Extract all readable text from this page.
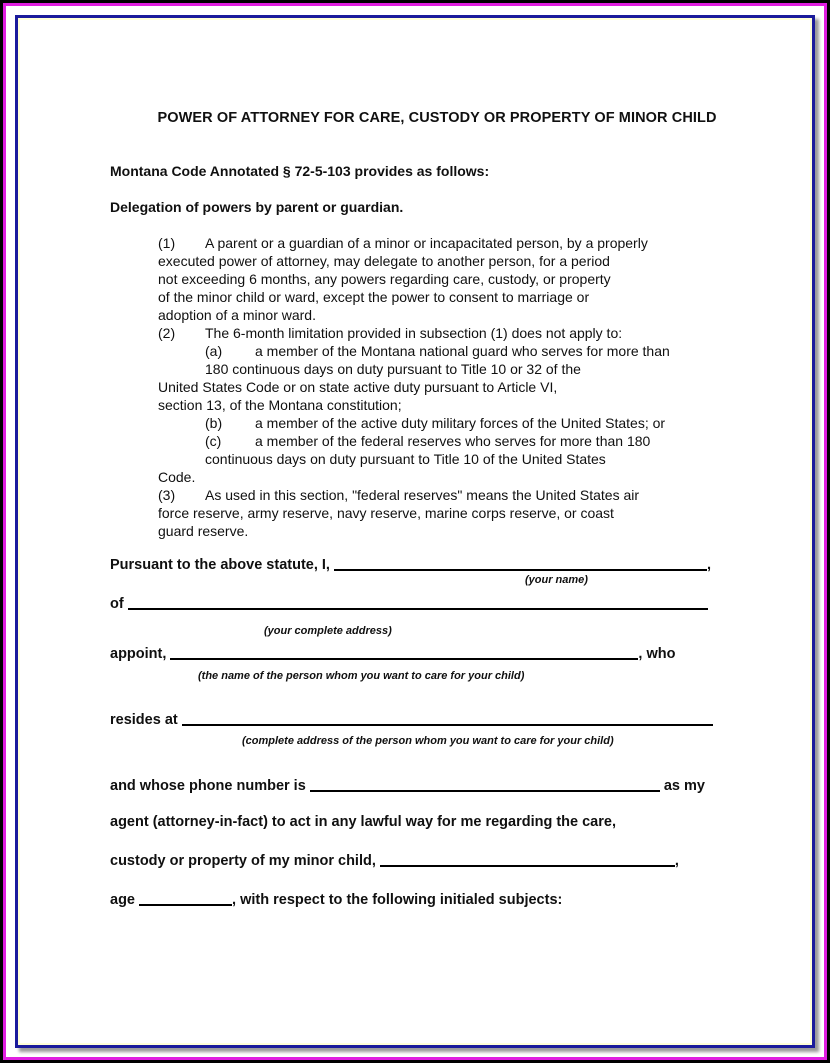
POWER OF ATTORNEY FOR CARE, CUSTODY OR PROPERTY OF MINOR CHILD
Montana Code Annotated § 72-5-103 provides as follows:
Delegation of powers by parent or guardian.
(1) A parent or a guardian of a minor or incapacitated person, by a properly
executed power of attorney, may delegate to another person, for a period
not exceeding 6 months, any powers regarding care, custody, or property
of the minor child or ward, except the power to consent to marriage or
adoption of a minor ward.
(2) The 6-month limitation provided in subsection (1) does not apply to:
(a) a member of the Montana national guard who serves for more than
180 continuous days on duty pursuant to Title 10 or 32 of the
United States Code or on state active duty pursuant to Article VI,
section 13, of the Montana constitution;
(b) a member of the active duty military forces of the United States; or
(c) a member of the federal reserves who serves for more than 180
continuous days on duty pursuant to Title 10 of the United States
Code.
(3) As used in this section, "federal reserves" means the United States air
force reserve, army reserve, navy reserve, marine corps reserve, or coast
guard reserve.
Pursuant to the above statute, I,	,
(your name)
of
(your complete address)
appoint,	, who
(the name of the person whom you want to care for your child)
resides at
(complete address of the person whom you want to care for your child)
and whose phone number is	as my
agent (attorney-in-fact) to act in any lawful way for me regarding the care,
custody or property of my minor child,	,
age	, with respect to the following initialed subjects:
